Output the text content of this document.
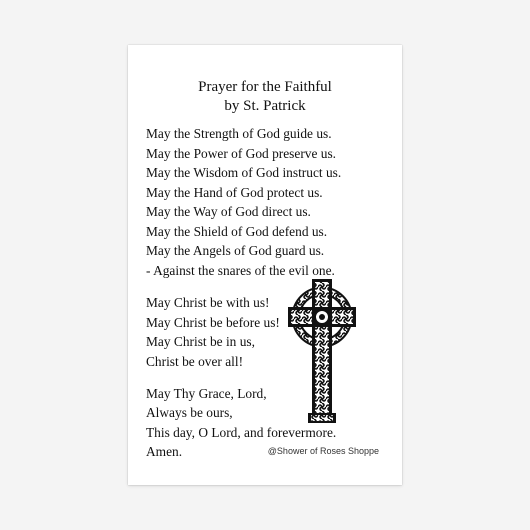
Prayer for the Faithful
by St. Patrick
May the Strength of God guide us.
May the Power of God preserve us.
May the Wisdom of God instruct us.
May the Hand of God protect us.
May the Way of God direct us.
May the Shield of God defend us.
May the Angels of God guard us.
- Against the snares of the evil one.
May Christ be with us!
May Christ be before us!
May Christ be in us,
Christ be over all!
May Thy Grace, Lord,
Always be ours,
This day, O Lord, and forevermore.
Amen.	@Shower of Roses Shoppe
